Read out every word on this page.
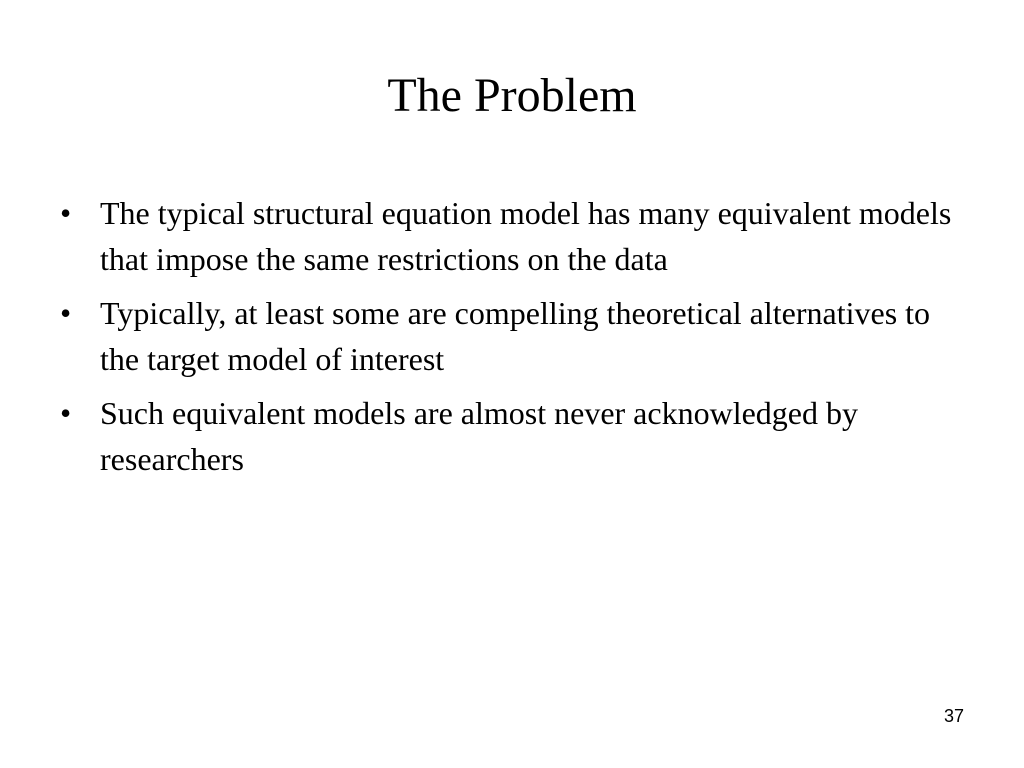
The Problem
• The typical structural equation model has many equivalent models that impose the same restrictions on the data
• Typically, at least some are compelling theoretical alternatives to the target model of interest
• Such equivalent models are almost never acknowledged by researchers
37
